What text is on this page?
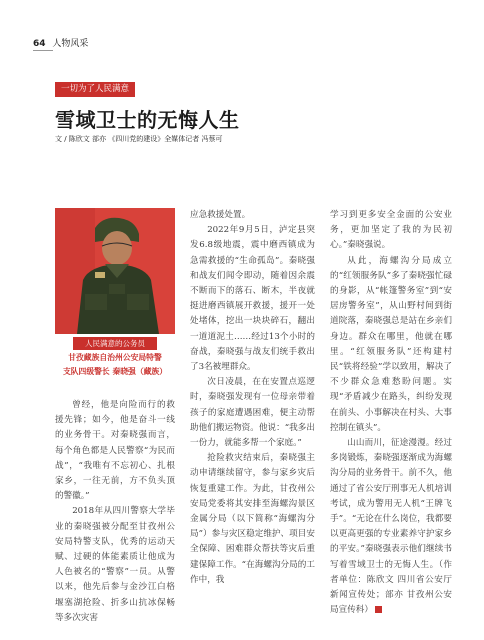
64 人物风采
一切为了人民满意
雪域卫士的无悔人生
文 / 陈欣文 部亦 《四川党的建设》全媒体记者 冯蔡可
人民满意的公务员
甘孜藏族自治州公安局特警
支队四级警长 秦晓强（藏族）

曾经，他是向险而行的救援先锋；如今，他是奋斗一线的业务骨干。对秦晓强而言，每个角色都是人民警察“为民而战”，“我唯有不忘初心、扎根家乡，一往无前，方不负头顶的警徽。”

2018年从四川警察大学毕业的秦晓强被分配至甘孜州公安局特警支队，优秀的运动天赋、过硬的体能素质让他成为人色被名的“警察”一员。从警以来，他先后参与金沙江白格堰塞湖抢险、折多山抗冰保畅等多次灾害

应急救援处置。

2022年9月5日，泸定县突发6.8级地震，震中磨西镇成为急需救援的“生命孤岛”。秦晓强和战友们闻令即动，随着因余震不断而下的落石、断木，半夜就挺进磨西镇展开救援，援开一处处堵体，挖出一块块碎石，翻出一道道泥土……经过13个小时的奋战，秦晓强与战友们统手救出了3名被埋群众。

次日凌晨，在在安置点巡逻时，秦晓强发现有一位母亲带着孩子的家庭遭遇困难，便主动帮助他们搬运物资。他说：“我多出一份力，就能多帮一个家庭。”

抢险救灾结束后，秦晓强主动申请继续留守，参与家乡灾后恢复重建工作。为此，甘孜州公安局党委将其安排至海螺沟景区金属分局（以下简称“海螺沟分局”）参与灾区稳定维护、项目安全保障、困难群众帮扶等灾后重建保障工作。“在海螺沟分局的工作中，我

学习到更多安全金面的公安业务，更加坚定了我的为民初心。”秦晓强说。

从此，海螺沟分局成立的“红领服务队”多了秦晓强忙碌的身影，从“帐篷警务室”到“安居房警务室”，从山野村间到街道院落，秦晓强总是站在乡亲们身边。群众在哪里，他就在哪里。“红领服务队”还构建村民“铁将经验”学以致用，解决了不少群众急难愁盼问题。实现“矛盾减少在路头，纠纷发现在前头、小事解决在村头、大事控制在镇头”。

山山而川，征途漫漫。经过多岗锻炼，秦晓强逐渐成为海螺沟分局的业务骨干。前不久，他通过了省公安厅刑事无人机培训考试，成为警用无人机“王牌飞手”。“无论在什么岗位，我都要以更高更强的专业素养守护家乡的平安。”秦晓强表示他们继续书写着雪域卫士的无悔人生。（作者单位：陈欣文 四川省公安厅新闻宣传处；部亦 甘孜州公安局宣传科）
